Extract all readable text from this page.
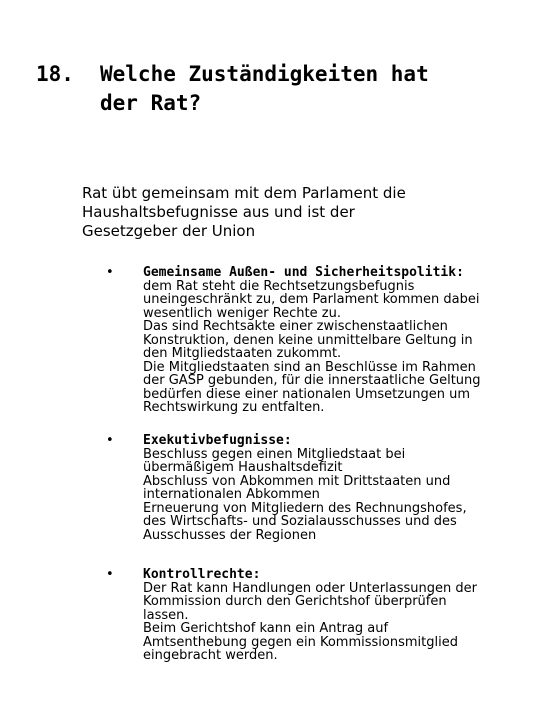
18. Welche Zuständigkeiten hat
der Rat?
Rat übt gemeinsam mit dem Parlament die
Haushaltsbefugnisse aus und ist der
Gesetzgeber der Union
•
Gemeinsame Außen- und Sicherheitspolitik:
dem Rat steht die Rechtsetzungsbefugnis
uneingeschränkt zu, dem Parlament kommen dabei
wesentlich weniger Rechte zu.
Das sind Rechtsakte einer zwischenstaatlichen
Konstruktion, denen keine unmittelbare Geltung in
den Mitgliedstaaten zukommt.
Die Mitgliedstaaten sind an Beschlüsse im Rahmen
der GASP gebunden, für die innerstaatliche Geltung
bedürfen diese einer nationalen Umsetzungen um
Rechtswirkung zu entfalten.
•
Exekutivbefugnisse:
Beschluss gegen einen Mitgliedstaat bei
übermäßigem Haushaltsdefizit
Abschluss von Abkommen mit Drittstaaten und
internationalen Abkommen
Erneuerung von Mitgliedern des Rechnungshofes,
des Wirtschafts- und Sozialausschusses und des
Ausschusses der Regionen
•
Kontrollrechte:
Der Rat kann Handlungen oder Unterlassungen der
Kommission durch den Gerichtshof überprüfen
lassen.
Beim Gerichtshof kann ein Antrag auf
Amtsenthebung gegen ein Kommissionsmitglied
eingebracht werden.
